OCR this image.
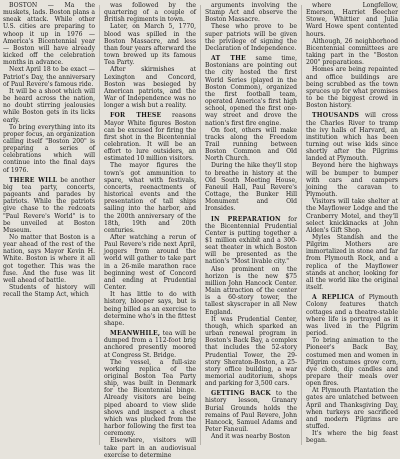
BOSTON — Ma the muskets, lads. Boston plans a sneak attack. While other U.S. cities are preparing to whoop it up in 1976 — America's Bicentennial year — Boston will have already kicked off the celebration months in advance.

Next April 18 to be exact — Patriot's Day, the anniversary of Paul Revere's famous ride.

It will be a shoot which will be heard across the nation, no doubt stirring jealousies while Boston gets in its licks early.

To bring everything into its proper focus, an organization calling itself "Boston 200" is preparing a series of celebrations which will continue into the final days of 1976.

THERE WILL be another big tea party, concerts, pageants and parades by patriots. While the patriots give chase to the redcoats "Paul Revere's World" is to be unveiled at Boston Museum.

No matter that Boston is a year ahead of the rest of the nation, says Mayor Kevin H. White. Boston is where it all got together. This was the fuse. And the fuse was lit well ahead of battle.

Students of history will recall the Stamp Act, which

was followed by the quartering of a couple of British regiments in town.

Later, on March 5, 1770, blood was spilled in the Boston Massacre, and less than four years afterward the town brewed up its famous Tea Party.

After skirmishes at Lexington and Concord, Boston was besieged by American patriots, and the War of Independence was no longer a wish but a reality.

FOR THESE reasons Mayor White figures Boston can be excused for firing the first shot in the Bicentennial celebration. It will be an effort to lure outsiders, an estimated 10 million visitors.

The mayor figures the town's got ammunition to spare, what with festivals, concerts, reenactments of historical events and the presentation of tall ships sailing into the harbor, and the 200th anniversary of the 18th, 19th and 20th centuries.

After watching a rerun of Paul Revere's ride next April, joggers from around the world will gather to take part in a 26-mile marathon race beginning west of Concord and ending at Prudential Center.

It has little to do with history, blooper says, but is being billed as an exercise to determine who's in the fittest shape.

MEANWHILE, tea will be dumped from a 112-foot brig anchored presently moored at Congress St. Bridge.

The vessel, a full-size working replica of the original Boston Tea Party ship, was built in Denmark for the Bicentennial binge. Already visitors are being piped aboard to view slide shows and inspect a chest which was plucked from the harbor following the first tea ceremony.

Elsewhere, visitors will take part in an audiovisual exercise to determine

arguments involving the Stamp Act and observe the Boston Massacre.

These who prove to be super patriots will be given the privilege of signing the Declaration of Independence.

AT THE same time, Bostonians are pointing out the city hosted the first World Series (played in the Boston Common), organized the first football team, operated America's first high school, opened the first one-way street and drove the nation's first fire engine.

On foot, others will make tracks along the Freedom Trail running between Boston Common and Old North Church.

During the hike they'll stop to breathe in history at the Old South Meeting House, Faneuil Hall, Paul Revere's Cottage, the Bunker Hill Monument and Old Ironsides.

IN PREPARATION for the Bicentennial Prudential Center is putting together a $1 million exhibit and a 300-seat theater in which Boston will be presented as the nation's "Most livable city."

Also prominent on the horizon is the new $75 million John Hancock Center. Main attraction of the center is a 60-story tower, the tallest skyscraper in all New England.

It was Prudential Center, though, which sparked an urban renewal program in Boston's Back Bay, a complex that includes the 52-story Prudential Tower, the 29-story Sheraton-Boston, a 25-story office building, a war memorial auditorium, shops and parking for 3,500 cars.

GETTING BACK to the history lesson, Granary Burial Grounds holds the remains of Paul Revere, John Hancock, Samuel Adams and Peter Faneuil.

And it was nearby Boston

where Longfellow, Emerson, Harriet Beecher Stowe, Whittier and Julia Ward Howe spent contented hours.

Although, 26 neighborhood Bicentennial committees are taking part in the "Boston 200" preparations.

Homes are being repainted and office buildings are being scrubbed as the town spruces up for what promises to be the biggest crowd in Boston history.

THOUSANDS will cross the Charles River to tramp the ivy halls of Harvard, an institution which has been turning out wise kids since shortly after the Pilgrims landed at Plymouth.

Beyond here the highways will be bumper to bumper with cars and campers joining the caravan to Plymouth.

Visitors will take shelter at the Mayflower Lodge and the Cranberry Motel, and they'll select knickknacks at John Alden's Gift Shop.

Myles Standish and the Pilgrim Mothers are immortalized in stone and far from Plymouth Rock, and a replica of the Mayflower stands at anchor, looking for all the world like the original itself.

A REPLICA of Plymouth Colony features thatch cottages and a theatre-stable where life is portrayed as it was lived in the Pilgrim period.

To bring animation to the Pioneer's Back Bay, costumed men and women in Pilgrim costumes grow corn, dye cloth, dip candles and prepare their meals over open fires.

At Plymouth Plantation the gates are unlatched between April and Thanksgiving Day, when turkeys are sacrificed and modern Pilgrims are stuffed.

It's where the big feast began.
